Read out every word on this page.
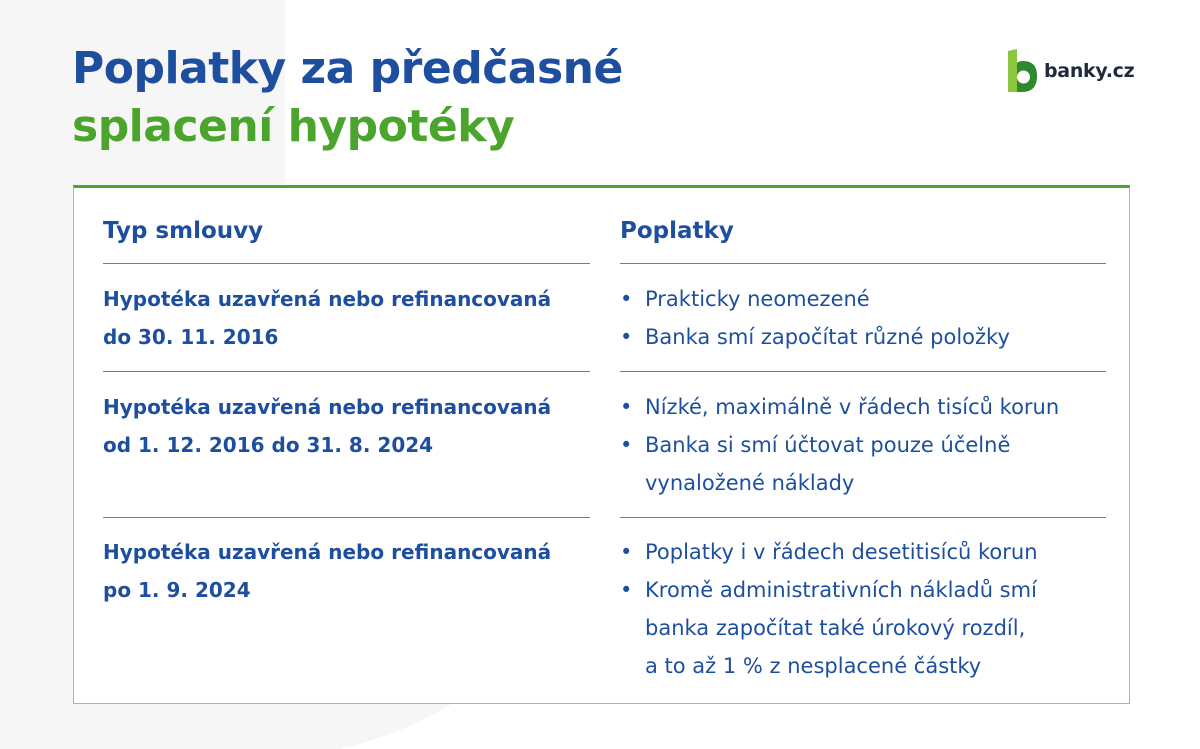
Poplatky za předčasné
splacení hypotéky
banky.cz
Typ smlouvy	Poplatky
Hypotéka uzavřená nebo refinancovaná
do 30. 11. 2016
• Prakticky neomezené
• Banka smí započítat různé položky
Hypotéka uzavřená nebo refinancovaná
od 1. 12. 2016 do 31. 8. 2024
• Nízké, maximálně v řádech tisíců korun
• Banka si smí účtovat pouze účelně
vynaložené náklady
Hypotéka uzavřená nebo refinancovaná
po 1. 9. 2024
• Poplatky i v řádech desetitisíců korun
• Kromě administrativních nákladů smí
banka započítat také úrokový rozdíl,
a to až 1 % z nesplacené částky
